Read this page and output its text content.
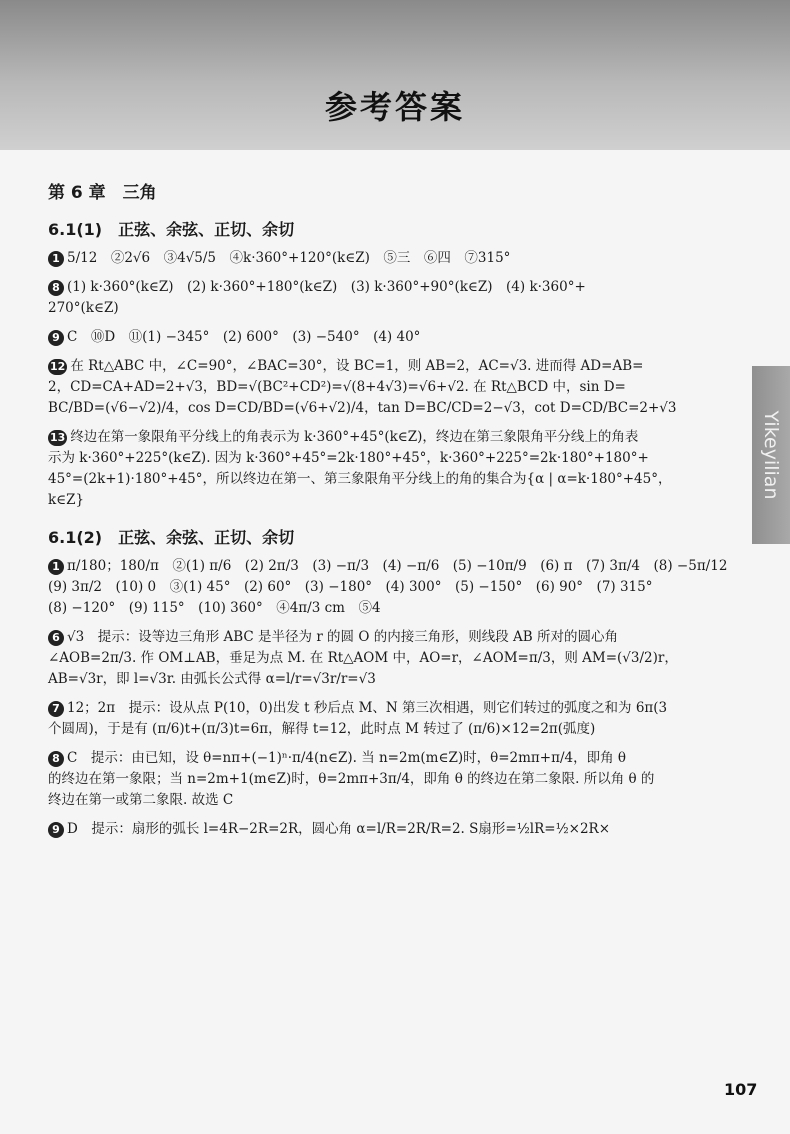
参考答案
Yikeyilian
第 6 章　三角
6.1(1)　正弦、余弦、正切、余切
1 5/12　②2√6　③4√5/5　④k·360°+120°(k∈Z)　⑤三　⑥四　⑦315°
8 (1) k·360°(k∈Z)　(2) k·360°+180°(k∈Z)　(3) k·360°+90°(k∈Z)　(4) k·360°+
270°(k∈Z)
9 C　⑩D　⑪(1) −345°　(2) 600°　(3) −540°　(4) 40°
12 在 Rt△ABC 中，∠C=90°，∠BAC=30°，设 BC=1，则 AB=2，AC=√3. 进而得 AD=AB=
2，CD=CA+AD=2+√3，BD=√(BC²+CD²)=√(8+4√3)=√6+√2. 在 Rt△BCD 中，sin D=
BC/BD=(√6−√2)/4，cos D=CD/BD=(√6+√2)/4，tan D=BC/CD=2−√3，cot D=CD/BC=2+√3
13 终边在第一象限角平分线上的角表示为 k·360°+45°(k∈Z)，终边在第三象限角平分线上的角表
示为 k·360°+225°(k∈Z). 因为 k·360°+45°=2k·180°+45°，k·360°+225°=2k·180°+180°+
45°=(2k+1)·180°+45°，所以终边在第一、第三象限角平分线上的角的集合为{α | α=k·180°+45°，
k∈Z}
6.1(2)　正弦、余弦、正切、余切
1 π/180；180/π　②(1) π/6　(2) 2π/3　(3) −π/3　(4) −π/6　(5) −10π/9　(6) π　(7) 3π/4　(8) −5π/12
(9) 3π/2　(10) 0　③(1) 45°　(2) 60°　(3) −180°　(4) 300°　(5) −150°　(6) 90°　(7) 315°
(8) −120°　(9) 115°　(10) 360°　④4π/3 cm　⑤4
6 √3　提示：设等边三角形 ABC 是半径为 r 的圆 O 的内接三角形，则线段 AB 所对的圆心角
∠AOB=2π/3. 作 OM⊥AB，垂足为点 M. 在 Rt△AOM 中，AO=r，∠AOM=π/3，则 AM=(√3/2)r，
AB=√3r，即 l=√3r. 由弧长公式得 α=l/r=√3r/r=√3
7 12；2π　提示：设从点 P(10，0)出发 t 秒后点 M、N 第三次相遇，则它们转过的弧度之和为 6π(3
个圆周)，于是有 (π/6)t+(π/3)t=6π，解得 t=12，此时点 M 转过了 (π/6)×12=2π(弧度)
8 C　提示：由已知，设 θ=nπ+(−1)ⁿ·π/4(n∈Z). 当 n=2m(m∈Z)时，θ=2mπ+π/4，即角 θ
的终边在第一象限；当 n=2m+1(m∈Z)时，θ=2mπ+3π/4，即角 θ 的终边在第二象限. 所以角 θ 的
终边在第一或第二象限. 故选 C
9 D　提示：扇形的弧长 l=4R−2R=2R，圆心角 α=l/R=2R/R=2. S扇形=½lR=½×2R×
107
